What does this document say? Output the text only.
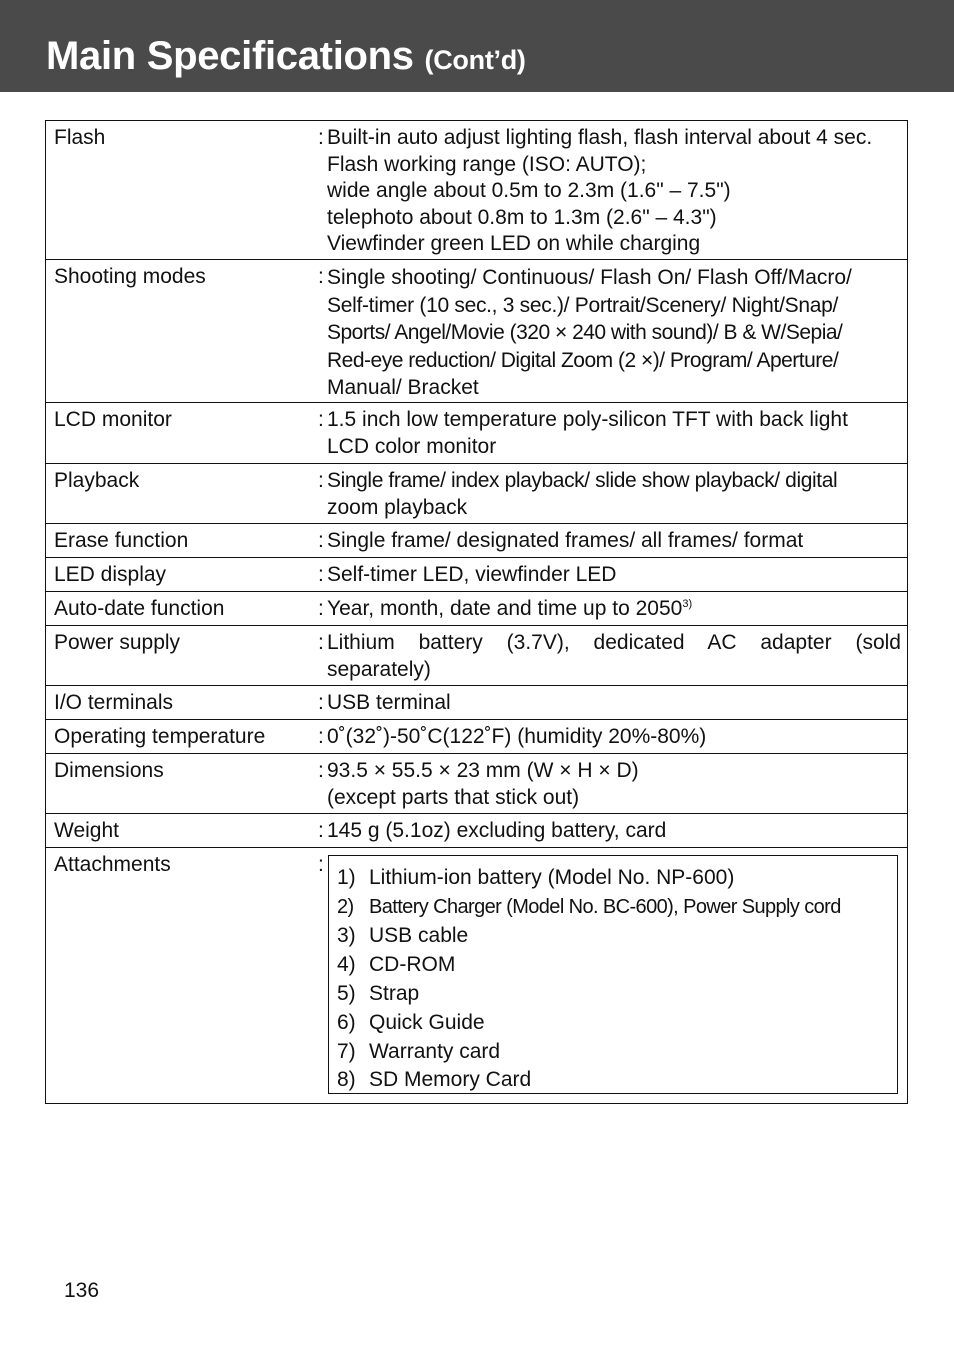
Main Specifications (Cont’d)
Flash	: Built-in auto adjust lighting flash, flash interval about 4 sec.
Flash working range (ISO: AUTO);
wide angle about 0.5m to 2.3m (1.6" – 7.5")
telephoto about 0.8m to 1.3m (2.6" – 4.3")
Viewfinder green LED on while charging
Shooting modes	: Single shooting/ Continuous/ Flash On/ Flash Off/Macro/
Self-timer (10 sec., 3 sec.)/ Portrait/Scenery/ Night/Snap/
Sports/ Angel/Movie (320 × 240 with sound)/ B & W/Sepia/
Red-eye reduction/ Digital Zoom (2 ×)/ Program/ Aperture/
Manual/ Bracket
LCD monitor	: 1.5 inch low temperature poly-silicon TFT with back light
LCD color monitor
Playback	: Single frame/ index playback/ slide show playback/ digital
zoom playback
Erase function	: Single frame/ designated frames/ all frames/ format
LED display	: Self-timer LED, viewfinder LED
Auto-date function	: Year, month, date and time up to 2050$^{3)}$
Power supply	: Lithium battery (3.7V), dedicated AC adapter (sold
separately)
I/O terminals	: USB terminal
Operating temperature	: 0˚(32˚)-50˚C(122˚F) (humidity 20%-80%)
Dimensions	: 93.5 × 55.5 × 23 mm (W × H × D)
(except parts that stick out)
Weight	: 145 g (5.1oz) excluding battery, card
Attachments	:
1) Lithium-ion battery (Model No. NP-600)
2) Battery Charger (Model No. BC-600), Power Supply cord
3) USB cable
4) CD-ROM
5) Strap
6) Quick Guide
7) Warranty card
8) SD Memory Card
136
